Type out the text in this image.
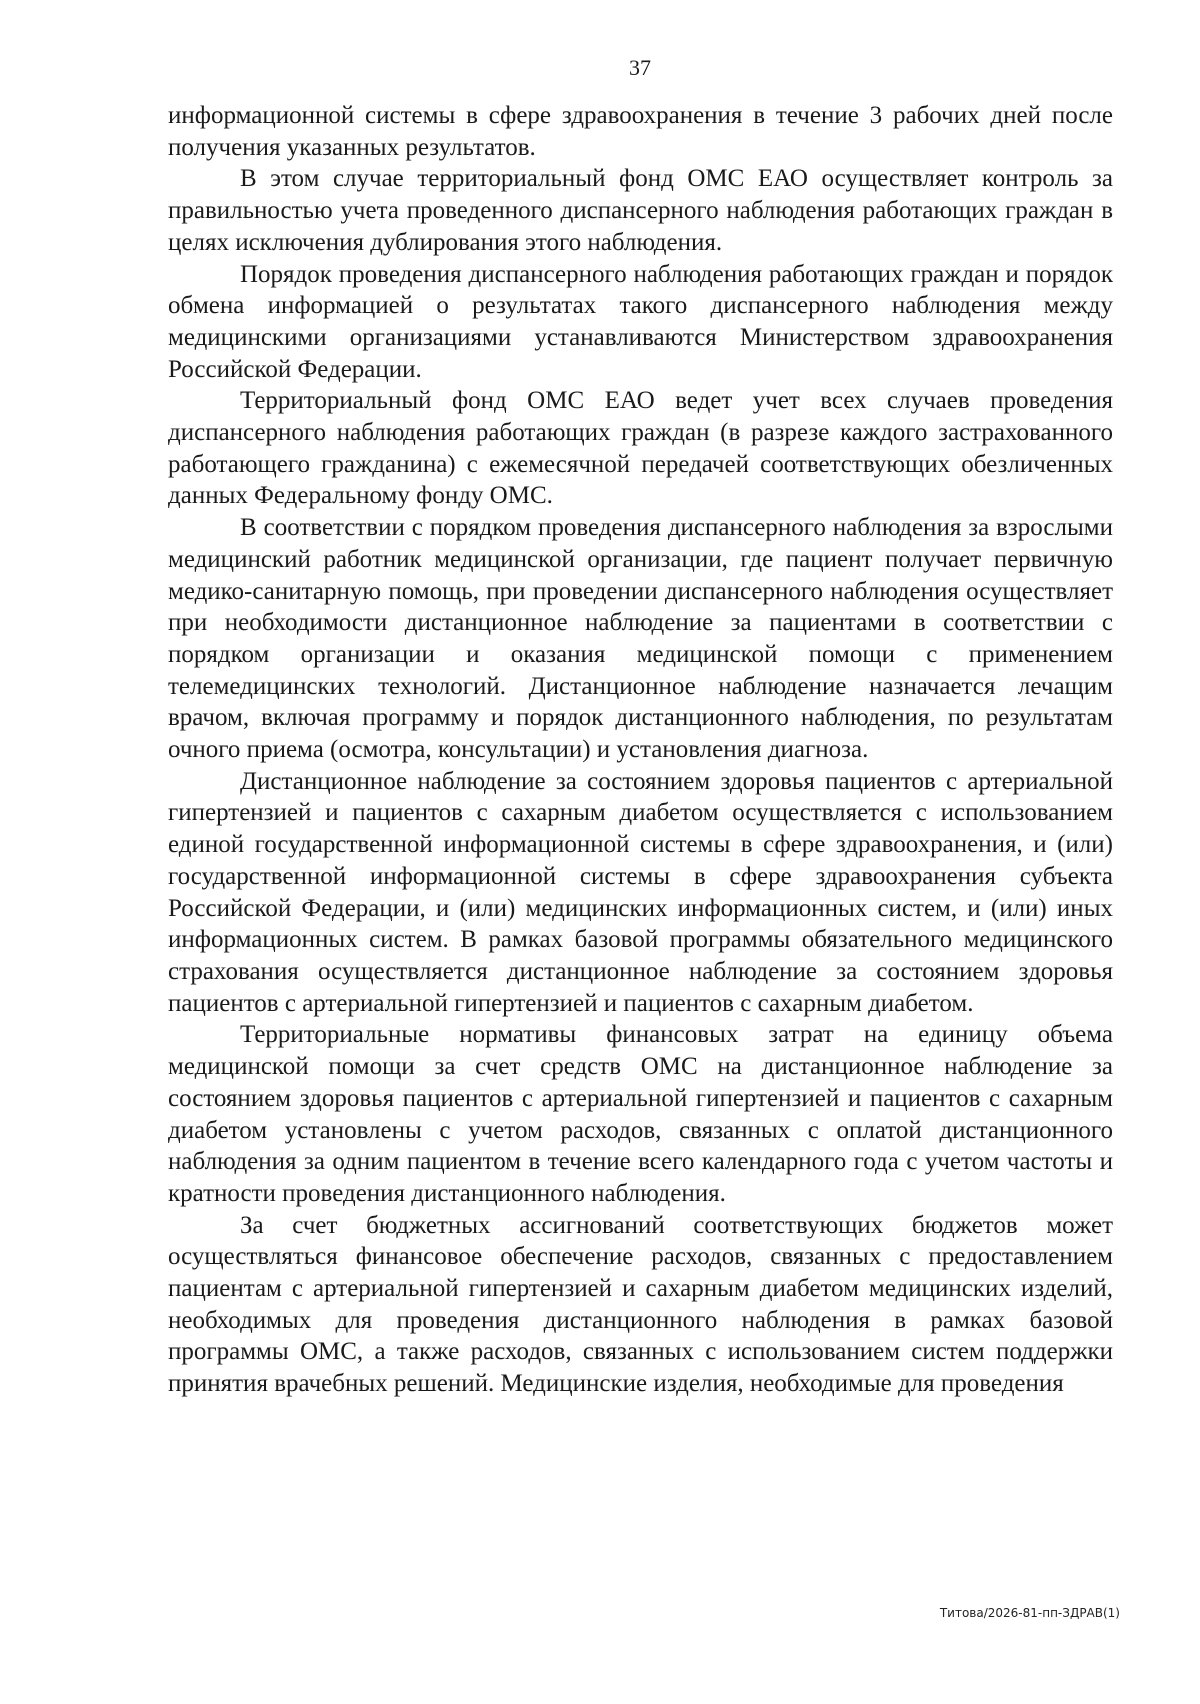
37

информационной системы в сфере здравоохранения в течение 3 рабочих дней после получения указанных результатов.

В этом случае территориальный фонд ОМС ЕАО осуществляет контроль за правильностью учета проведенного диспансерного наблюдения работающих граждан в целях исключения дублирования этого наблюдения.

Порядок проведения диспансерного наблюдения работающих граждан и порядок обмена информацией о результатах такого диспансерного наблюдения между медицинскими организациями устанавливаются Министерством здравоохранения Российской Федерации.

Территориальный фонд ОМС ЕАО ведет учет всех случаев проведения диспансерного наблюдения работающих граждан (в разрезе каждого застрахованного работающего гражданина) с ежемесячной передачей соответствующих обезличенных данных Федеральному фонду ОМС.

В соответствии с порядком проведения диспансерного наблюдения за взрослыми медицинский работник медицинской организации, где пациент получает первичную медико-санитарную помощь, при проведении диспансерного наблюдения осуществляет при необходимости дистанционное наблюдение за пациентами в соответствии с порядком организации и оказания медицинской помощи с применением телемедицинских технологий. Дистанционное наблюдение назначается лечащим врачом, включая программу и порядок дистанционного наблюдения, по результатам очного приема (осмотра, консультации) и установления диагноза.

Дистанционное наблюдение за состоянием здоровья пациентов с артериальной гипертензией и пациентов с сахарным диабетом осуществляется с использованием единой государственной информационной системы в сфере здравоохранения, и (или) государственной информационной системы в сфере здравоохранения субъекта Российской Федерации, и (или) медицинских информационных систем, и (или) иных информационных систем. В рамках базовой программы обязательного медицинского страхования осуществляется дистанционное наблюдение за состоянием здоровья пациентов с артериальной гипертензией и пациентов с сахарным диабетом.

Территориальные нормативы финансовых затрат на единицу объема медицинской помощи за счет средств ОМС на дистанционное наблюдение за состоянием здоровья пациентов с артериальной гипертензией и пациентов с сахарным диабетом установлены с учетом расходов, связанных с оплатой дистанционного наблюдения за одним пациентом в течение всего календарного года с учетом частоты и кратности проведения дистанционного наблюдения.

За счет бюджетных ассигнований соответствующих бюджетов может осуществляться финансовое обеспечение расходов, связанных с предоставлением пациентам с артериальной гипертензией и сахарным диабетом медицинских изделий, необходимых для проведения дистанционного наблюдения в рамках базовой программы ОМС, а также расходов, связанных с использованием систем поддержки принятия врачебных решений. Медицинские изделия, необходимые для проведения

Титова/2026-81-пп-ЗДРАВ(1)
